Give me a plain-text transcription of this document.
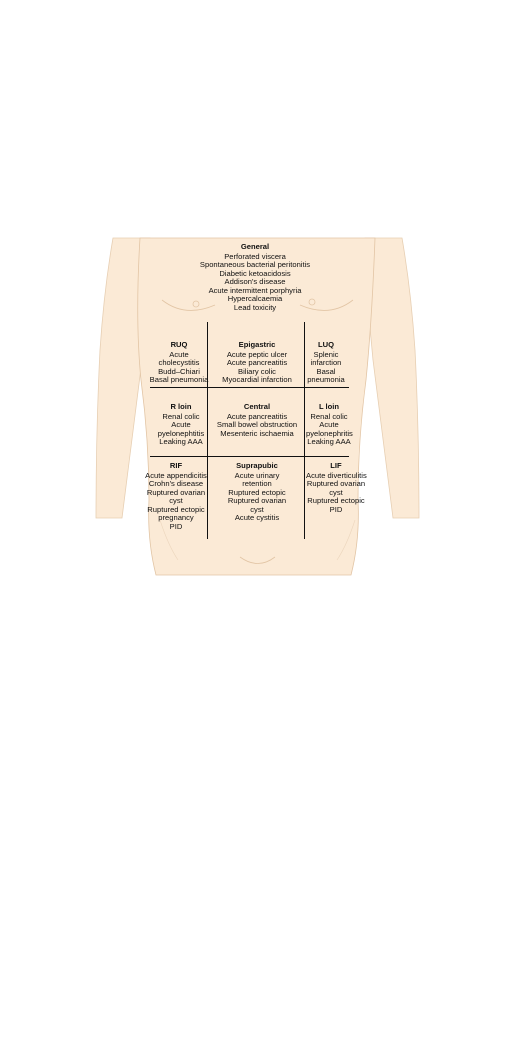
General
Perforated viscera
Spontaneous bacterial peritonitis
Diabetic ketoacidosis
Addison's disease
Acute intermittent porphyria
Hypercalcaemia
Lead toxicity
RUQ
Acute
cholecystitis
Budd–Chiari
Basal pneumonia
Epigastric
Acute peptic ulcer
Acute pancreatitis
Biliary colic
Myocardial infarction
LUQ
Splenic
infarction
Basal
pneumonia
R loin
Renal colic
Acute
pyelonephtitis
Leaking AAA
Central
Acute pancreatitis
Small bowel obstruction
Mesenteric ischaemia
L loin
Renal colic
Acute
pyelonephritis
Leaking AAA
RIF
Acute appendicitis
Crohn's disease
Ruptured ovarian
cyst
Ruptured ectopic
pregnancy
PID
Suprapubic
Acute urinary
retention
Ruptured ectopic
Ruptured ovarian
cyst
Acute cystitis
LIF
Acute diverticulitis
Ruptured ovarian
cyst
Ruptured ectopic
PID
